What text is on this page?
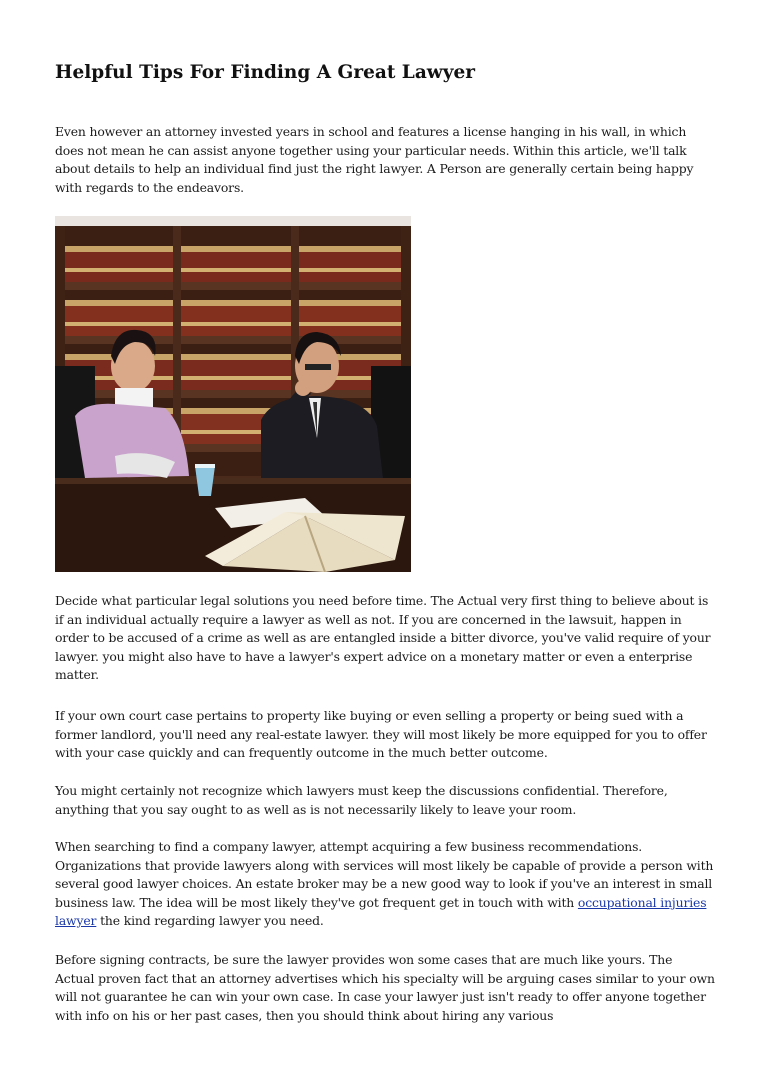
Helpful Tips For Finding A Great Lawyer

Even however an attorney invested years in school and features a license hanging in his wall, in which does not mean he can assist anyone together using your particular needs. Within this article, we'll talk about details to help an individual find just the right lawyer. A Person are generally certain being happy with regards to the endeavors.

Decide what particular legal solutions you need before time. The Actual very first thing to believe about is if an individual actually require a lawyer as well as not. If you are concerned in the lawsuit, happen in order to be accused of a crime as well as are entangled inside a bitter divorce, you've valid require of your lawyer. you might also have to have a lawyer's expert advice on a monetary matter or even a enterprise matter.

If your own court case pertains to property like buying or even selling a property or being sued with a former landlord, you'll need any real-estate lawyer. they will most likely be more equipped for you to offer with your case quickly and can frequently outcome in the much better outcome.

You might certainly not recognize which lawyers must keep the discussions confidential. Therefore, anything that you say ought to as well as is not necessarily likely to leave your room.

When searching to find a company lawyer, attempt acquiring a few business recommendations. Organizations that provide lawyers along with services will most likely be capable of provide a person with several good lawyer choices. An estate broker may be a new good way to look if you've an interest in small business law. The idea will be most likely they've got frequent get in touch with with occupational injuries lawyer the kind regarding lawyer you need.

Before signing contracts, be sure the lawyer provides won some cases that are much like yours. The Actual proven fact that an attorney advertises which his specialty will be arguing cases similar to your own will not guarantee he can win your own case. In case your lawyer just isn't ready to offer anyone together with info on his or her past cases, then you should think about hiring any various
